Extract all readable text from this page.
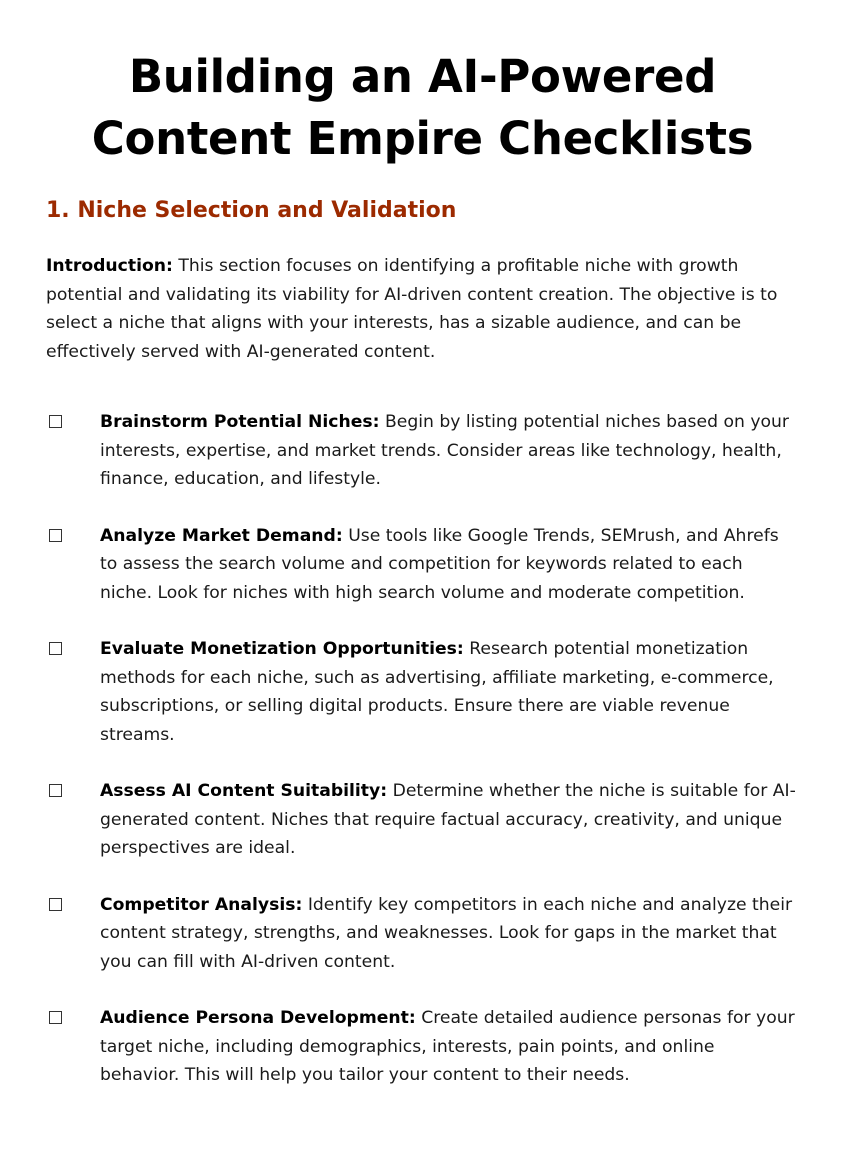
Building an AI-Powered
Content Empire Checklists
1. Niche Selection and Validation

Introduction: This section focuses on identifying a profitable niche with growth potential and validating its viability for AI-driven content creation. The objective is to select a niche that aligns with your interests, has a sizable audience, and can be effectively served with AI-generated content.

Brainstorm Potential Niches: Begin by listing potential niches based on your interests, expertise, and market trends. Consider areas like technology, health, finance, education, and lifestyle.
Analyze Market Demand: Use tools like Google Trends, SEMrush, and Ahrefs to assess the search volume and competition for keywords related to each niche. Look for niches with high search volume and moderate competition.
Evaluate Monetization Opportunities: Research potential monetization methods for each niche, such as advertising, affiliate marketing, e-commerce, subscriptions, or selling digital products. Ensure there are viable revenue streams.
Assess AI Content Suitability: Determine whether the niche is suitable for AI-generated content. Niches that require factual accuracy, creativity, and unique perspectives are ideal.
Competitor Analysis: Identify key competitors in each niche and analyze their content strategy, strengths, and weaknesses. Look for gaps in the market that you can fill with AI-driven content.
Audience Persona Development: Create detailed audience personas for your target niche, including demographics, interests, pain points, and online behavior. This will help you tailor your content to their needs.
